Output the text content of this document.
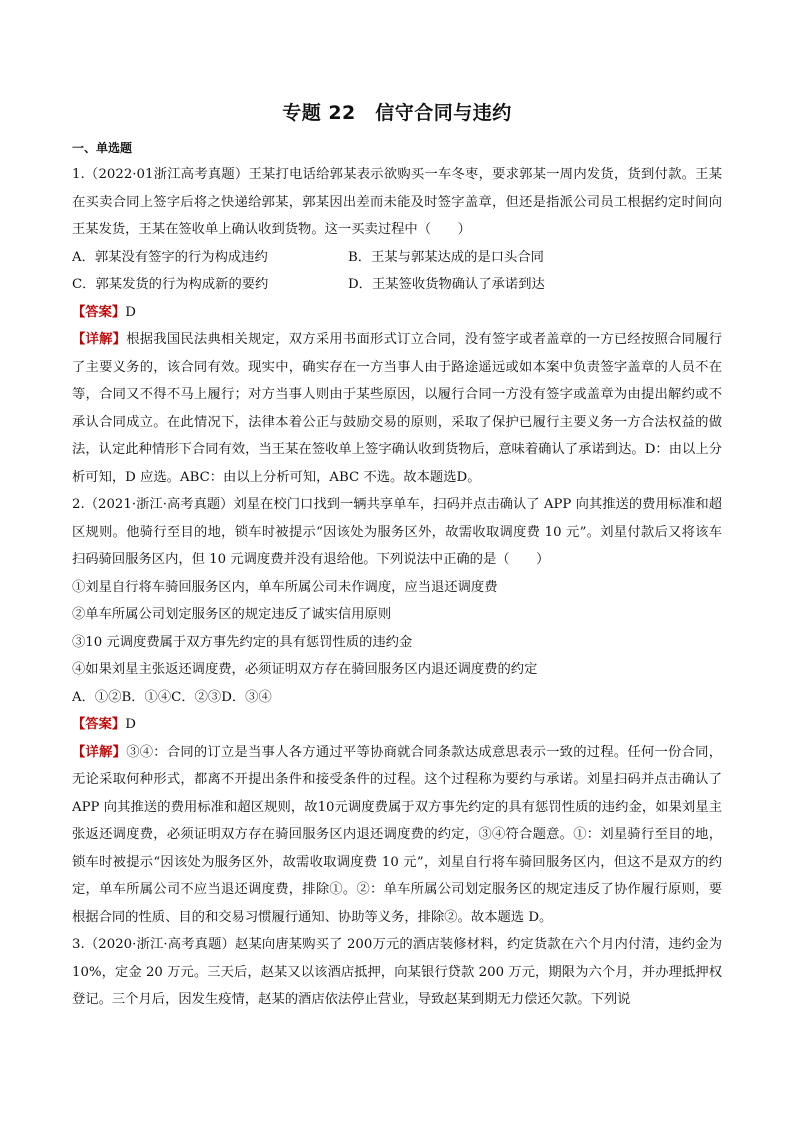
专题 22　信守合同与违约
一、单选题

1.（2022·01浙江高考真题）王某打电话给郭某表示欲购买一车冬枣，要求郭某一周内发货，货到付款。王某在买卖合同上签字后将之快递给郭某，郭某因出差而未能及时签字盖章，但还是指派公司员工根据约定时间向王某发货，王某在签收单上确认收到货物。这一买卖过程中（　　）

A．郭某没有签字的行为构成违约	B．王某与郭某达成的是口头合同
C．郭某发货的行为构成新的要约	D．王某签收货物确认了承诺到达

【答案】D

【详解】根据我国民法典相关规定，双方采用书面形式订立合同，没有签字或者盖章的一方已经按照合同履行了主要义务的，该合同有效。现实中，确实存在一方当事人由于路途遥远或如本案中负责签字盖章的人员不在等，合同又不得不马上履行；对方当事人则由于某些原因，以履行合同一方没有签字或盖章为由提出解约或不承认合同成立。在此情况下，法律本着公正与鼓励交易的原则，采取了保护已履行主要义务一方合法权益的做法，认定此种情形下合同有效，当王某在签收单上签字确认收到货物后，意味着确认了承诺到达。D：由以上分析可知，D 应选。ABC：由以上分析可知，ABC 不选。故本题选D。

2.（2021·浙江·高考真题）刘星在校门口找到一辆共享单车，扫码并点击确认了 APP 向其推送的费用标准和超区规则。他骑行至目的地，锁车时被提示“因该处为服务区外，故需收取调度费 10 元”。刘星付款后又将该车扫码骑回服务区内，但 10 元调度费并没有退给他。下列说法中正确的是（　　）

①刘星自行将车骑回服务区内，单车所属公司未作调度，应当退还调度费

②单车所属公司划定服务区的规定违反了诚实信用原则

③10 元调度费属于双方事先约定的具有惩罚性质的违约金

④如果刘星主张返还调度费，必须证明双方存在骑回服务区内退还调度费的约定

A．①②B．①④C．②③D．③④

【答案】D

【详解】③④：合同的订立是当事人各方通过平等协商就合同条款达成意思表示一致的过程。任何一份合同，无论采取何种形式，都离不开提出条件和接受条件的过程。这个过程称为要约与承诺。刘星扫码并点击确认了APP 向其推送的费用标准和超区规则，故10元调度费属于双方事先约定的具有惩罚性质的违约金，如果刘星主张返还调度费，必须证明双方存在骑回服务区内退还调度费的约定，③④符合题意。①：刘星骑行至目的地，锁车时被提示“因该处为服务区外，故需收取调度费 10 元”，刘星自行将车骑回服务区内，但这不是双方的约定，单车所属公司不应当退还调度费，排除①。②：单车所属公司划定服务区的规定违反了协作履行原则，要根据合同的性质、目的和交易习惯履行通知、协助等义务，排除②。故本题选 D。

3.（2020·浙江·高考真题）赵某向唐某购买了 200万元的酒店装修材料，约定货款在六个月内付清，违约金为 10%，定金 20 万元。三天后，赵某又以该酒店抵押，向某银行贷款 200 万元，期限为六个月，并办理抵押权登记。三个月后，因发生疫情，赵某的酒店依法停止营业，导致赵某到期无力偿还欠款。下列说
